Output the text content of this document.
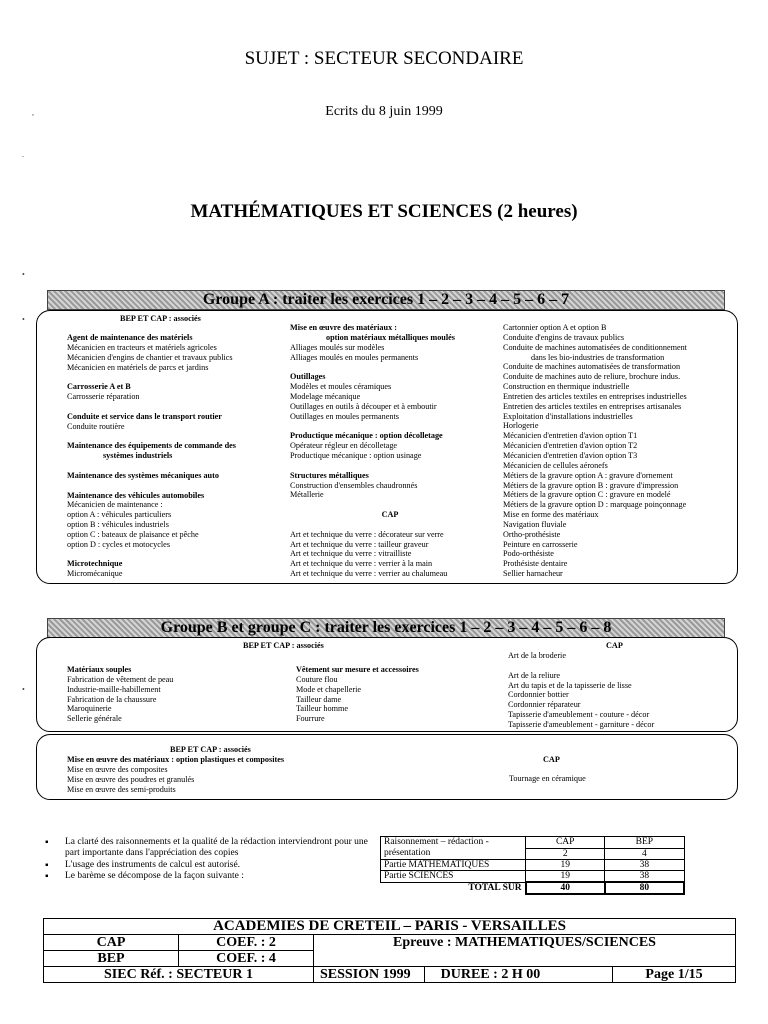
SUJET : SECTEUR SECONDAIRE
Ecrits du 8 juin 1999
MATHÉMATIQUES ET SCIENCES (2 heures)
,
.
•
•
•
Groupe A : traiter les exercices 1 – 2 – 3 – 4 – 5 – 6 – 7
BEP ET CAP : associés
Agent de maintenance des matériels
Mécanicien en tracteurs et matériels agricoles
Mécanicien d'engins de chantier et travaux publics
Mécanicien en matériels de parcs et jardins
Carrosserie A et B
Carrosserie réparation
Conduite et service dans le transport routier
Conduite routière
Maintenance des équipements de commande des
systèmes industriels
Maintenance des systèmes mécaniques auto
Maintenance des véhicules automobiles
Mécanicien de maintenance :
option A : véhicules particuliers
option B : véhicules industriels
option C : bateaux de plaisance et pêche
option D : cycles et motocycles
Microtechnique
Micromécanique
Mise en œuvre des matériaux :
option matériaux métalliques moulés
Alliages moulés sur modèles
Alliages moulés en moules permanents
Outillages
Modèles et moules céramiques
Modelage mécanique
Outillages en outils à découper et à emboutir
Outillages en moules permanents
Productique mécanique : option décolletage
Opérateur régleur en décolletage
Productique mécanique : option usinage
Structures métalliques
Construction d'ensembles chaudronnés
Métallerie
CAP
Art et technique du verre : décorateur sur verre
Art et technique du verre : tailleur graveur
Art et technique du verre : vitrailliste
Art et technique du verre : verrier à la main
Art et technique du verre : verrier au chalumeau
Cartonnier option A et option B
Conduite d'engins de travaux publics
Conduite de machines automatisées de conditionnement
dans les bio-industries de transformation
Conduite de machines automatisées de transformation
Conduite de machines auto de reliure, brochure indus.
Construction en thermique industrielle
Entretien des articles textiles en entreprises industrielles
Entretien des articles textiles en entreprises artisanales
Exploitation d'installations industrielles
Horlogerie
Mécanicien d'entretien d'avion option T1
Mécanicien d'entretien d'avion option T2
Mécanicien d'entretien d'avion option T3
Mécanicien de cellules aéronefs
Métiers de la gravure option A : gravure d'ornement
Métiers de la gravure option B : gravure d'impression
Métiers de la gravure option C : gravure en modelé
Métiers de la gravure option D : marquage poinçonnage
Mise en forme des matériaux
Navigation fluviale
Ortho-prothésiste
Peinture en carrosserie
Podo-orthésiste
Prothésiste dentaire
Sellier harnacheur
Groupe B et groupe C : traiter les exercices 1 – 2 – 3 – 4 – 5 – 6 – 8
BEP ET CAP : associés	CAP
Matériaux souples
Fabrication de vêtement de peau
Industrie-maille-habillement
Fabrication de la chaussure
Maroquinerie
Sellerie générale
Vêtement sur mesure et accessoires
Couture flou
Mode et chapellerie
Tailleur dame
Tailleur homme
Fourrure
Art de la broderie
Art de la reliure
Art du tapis et de la tapisserie de lisse
Cordonnier bottier
Cordonnier réparateur
Tapisserie d'ameublement - couture - décor
Tapisserie d'ameublement - garniture - décor
BEP ET CAP : associés
Mise en œuvre des matériaux : option plastiques et composites
Mise en œuvre des composites
Mise en œuvre des poudres et granulés
Mise en œuvre des semi-produits
CAP
Tournage en céramique
▪ La clarté des raisonnements et la qualité de la rédaction interviendront pour une part importante dans l'appréciation des copies
▪ L'usage des instruments de calcul est autorisé.
▪ Le barème se décompose de la façon suivante :
Raisonnement – rédaction - présentation	CAP	BEP
	2	4
Partie MATHEMATIQUES	19	38
Partie SCIENCES	19	38
TOTAL SUR	40	80
ACADEMIES DE CRETEIL – PARIS - VERSAILLES			
CAP	COEF. : 2	Epreuve : MATHEMATIQUES/SCIENCES	
BEP	COEF. : 4		
SIEC Réf. : SECTEUR 1		SESSION 1999 DUREE : 2 H 00	Page 1/15
